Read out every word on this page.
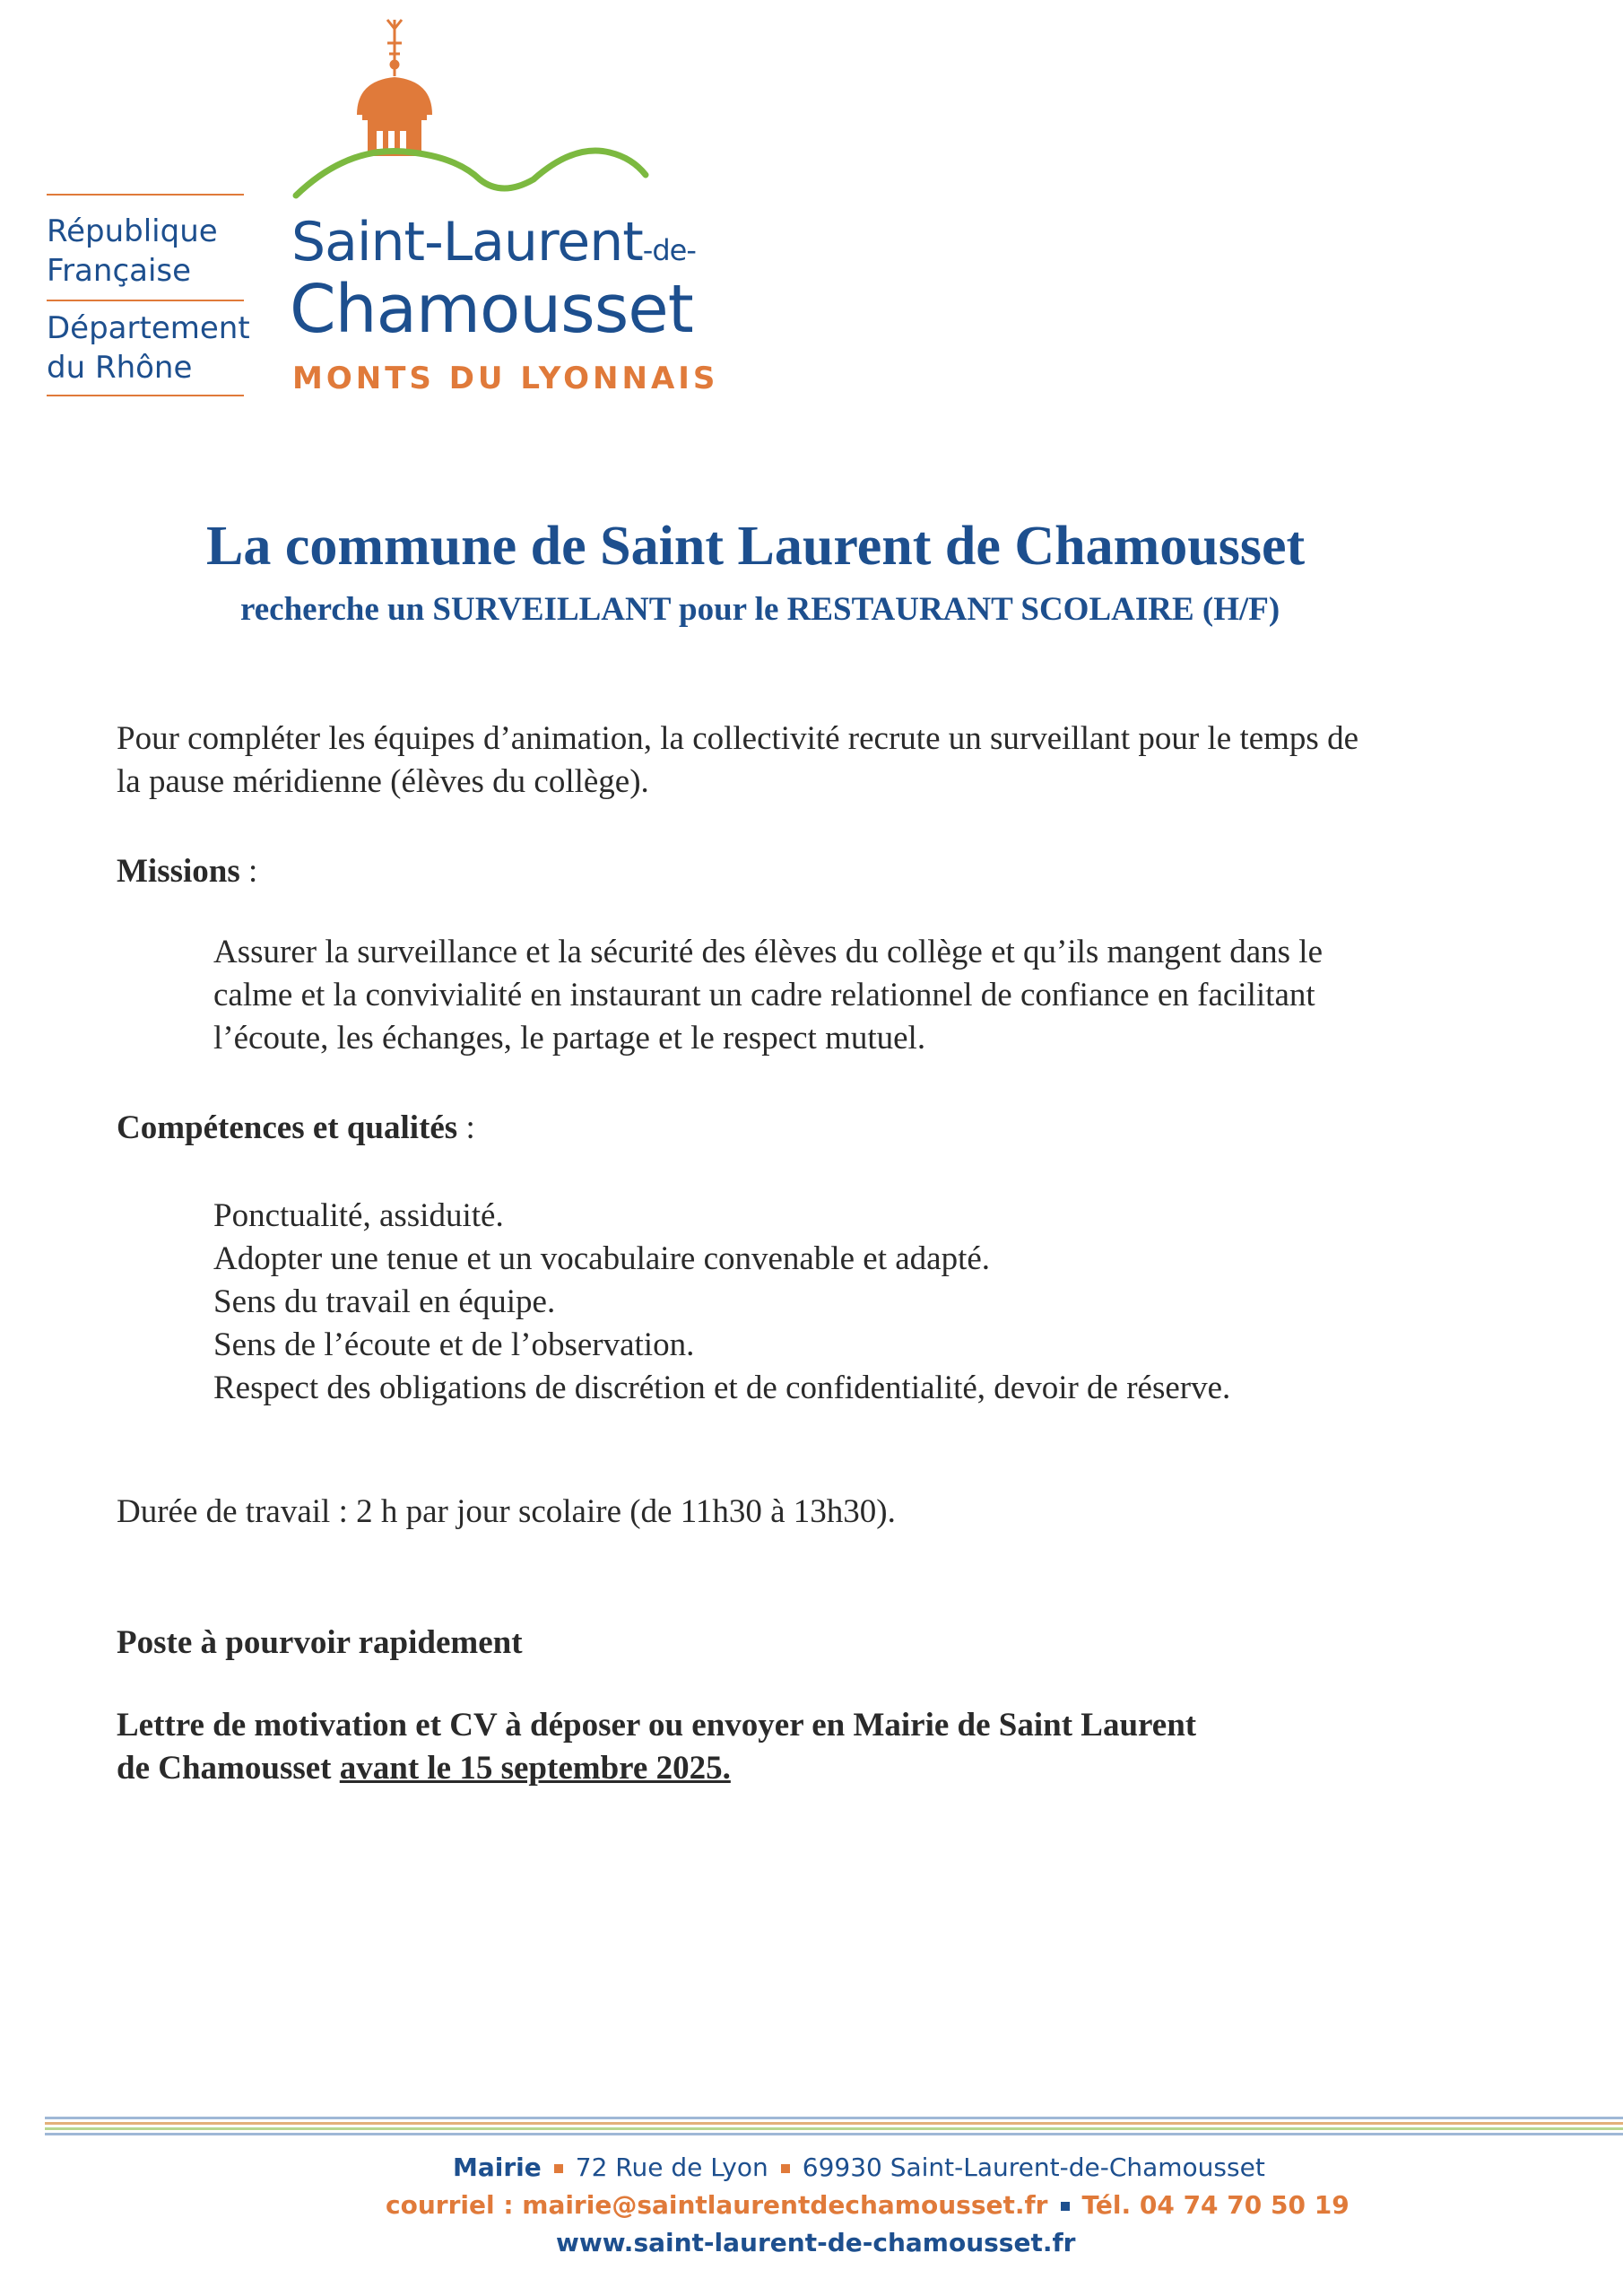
République
Française
Département
du Rhône
Saint-Laurent-de-
Chamousset
MONTS DU LYONNAIS
La commune de Saint Laurent de Chamousset
recherche un SURVEILLANT pour le RESTAURANT SCOLAIRE (H/F)
Pour compléter les équipes d’animation, la collectivité recrute un surveillant pour le temps de
la pause méridienne (élèves du collège).
Missions :
Assurer la surveillance et la sécurité des élèves du collège et qu’ils mangent dans le
calme et la convivialité en instaurant un cadre relationnel de confiance en facilitant
l’écoute, les échanges, le partage et le respect mutuel.
Compétences et qualités :
Ponctualité, assiduité.
Adopter une tenue et un vocabulaire convenable et adapté.
Sens du travail en équipe.
Sens de l’écoute et de l’observation.
Respect des obligations de discrétion et de confidentialité, devoir de réserve.
Durée de travail : 2 h par jour scolaire (de 11h30 à 13h30).
Poste à pourvoir rapidement
Lettre de motivation et CV à déposer ou envoyer en Mairie de Saint Laurent
de Chamousset avant le 15 septembre 2025.
Mairie 72 Rue de Lyon 69930 Saint-Laurent-de-Chamousset
courriel : mairie@saintlaurentdechamousset.fr Tél. 04 74 70 50 19
www.saint-laurent-de-chamousset.fr
